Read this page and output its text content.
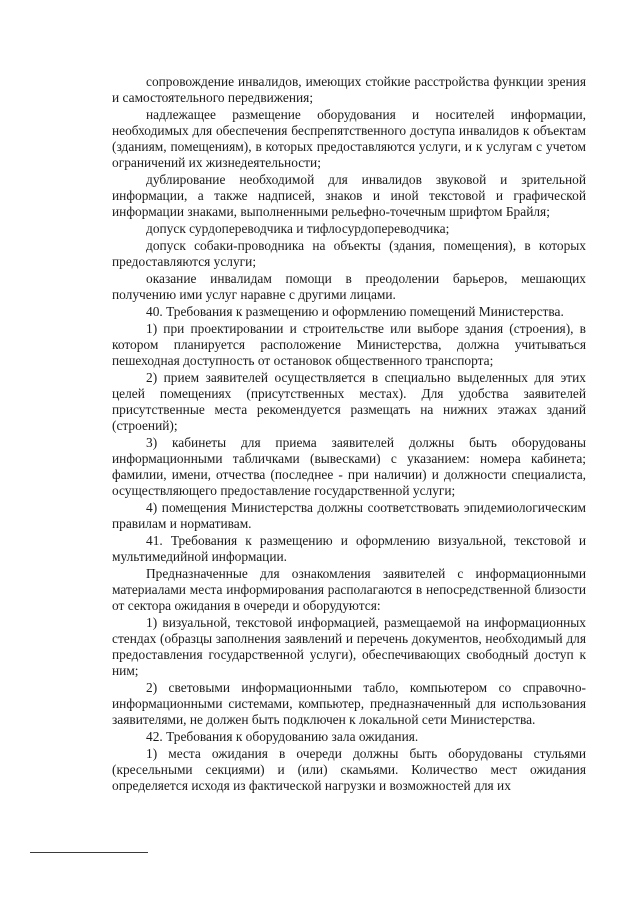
сопровождение инвалидов, имеющих стойкие расстройства функции зрения и самостоятельного передвижения;

надлежащее размещение оборудования и носителей информации, необходимых для обеспечения беспрепятственного доступа инвалидов к объектам (зданиям, помещениям), в которых предоставляются услуги, и к услугам с учетом ограничений их жизнедеятельности;

дублирование необходимой для инвалидов звуковой и зрительной информации, а также надписей, знаков и иной текстовой и графической информации знаками, выполненными рельефно-точечным шрифтом Брайля;

допуск сурдопереводчика и тифлосурдопереводчика;

допуск собаки-проводника на объекты (здания, помещения), в которых предоставляются услуги;

оказание инвалидам помощи в преодолении барьеров, мешающих получению ими услуг наравне с другими лицами.

40. Требования к размещению и оформлению помещений Министерства.

1) при проектировании и строительстве или выборе здания (строения), в котором планируется расположение Министерства, должна учитываться пешеходная доступность от остановок общественного транспорта;

2) прием заявителей осуществляется в специально выделенных для этих целей помещениях (присутственных местах). Для удобства заявителей присутственные места рекомендуется размещать на нижних этажах зданий (строений);

3) кабинеты для приема заявителей должны быть оборудованы информационными табличками (вывесками) с указанием: номера кабинета; фамилии, имени, отчества (последнее - при наличии) и должности специалиста, осуществляющего предоставление государственной услуги;

4) помещения Министерства должны соответствовать эпидемиологическим правилам и нормативам.

41. Требования к размещению и оформлению визуальной, текстовой и мультимедийной информации.

Предназначенные для ознакомления заявителей с информационными материалами места информирования располагаются в непосредственной близости от сектора ожидания в очереди и оборудуются:

1) визуальной, текстовой информацией, размещаемой на информационных стендах (образцы заполнения заявлений и перечень документов, необходимый для предоставления государственной услуги), обеспечивающих свободный доступ к ним;

2) световыми информационными табло, компьютером со справочно-информационными системами, компьютер, предназначенный для использования заявителями, не должен быть подключен к локальной сети Министерства.

42. Требования к оборудованию зала ожидания.

1) места ожидания в очереди должны быть оборудованы стульями (кресельными секциями) и (или) скамьями. Количество мест ожидания определяется исходя из фактической нагрузки и возможностей для их
